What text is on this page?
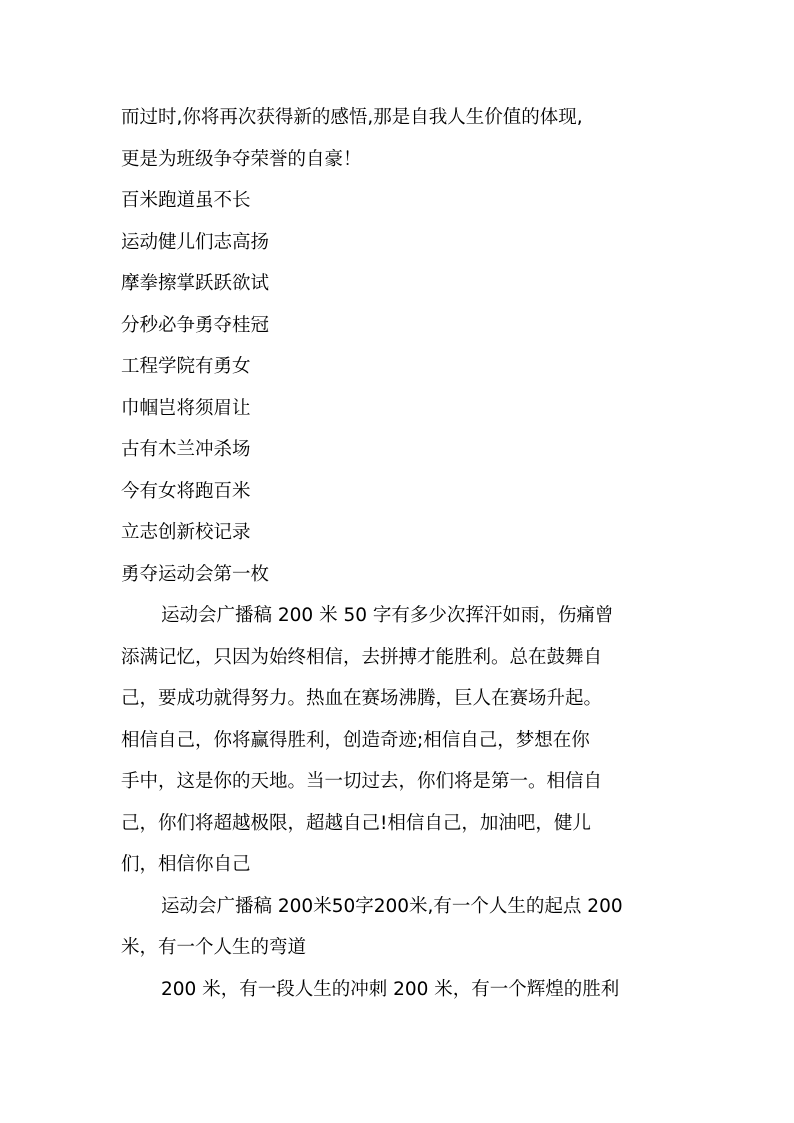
而过时,你将再次获得新的感悟,那是自我人生价值的体现,
更是为班级争夺荣誉的自豪！
百米跑道虽不长
运动健儿们志高扬
摩拳擦掌跃跃欲试
分秒必争勇夺桂冠
工程学院有勇女
巾帼岂将须眉让
古有木兰冲杀场
今有女将跑百米
立志创新校记录
勇夺运动会第一枚
运动会广播稿 200 米 50 字有多少次挥汗如雨，伤痛曾
添满记忆，只因为始终相信，去拼搏才能胜利。总在鼓舞自
己，要成功就得努力。热血在赛场沸腾，巨人在赛场升起。
相信自己，你将赢得胜利，创造奇迹;相信自己，梦想在你
手中，这是你的天地。当一切过去，你们将是第一。相信自
己，你们将超越极限，超越自己!相信自己，加油吧，健儿
们，相信你自己
运动会广播稿 200米50字200米,有一个人生的起点 200
米，有一个人生的弯道
200 米，有一段人生的冲刺 200 米，有一个辉煌的胜利
